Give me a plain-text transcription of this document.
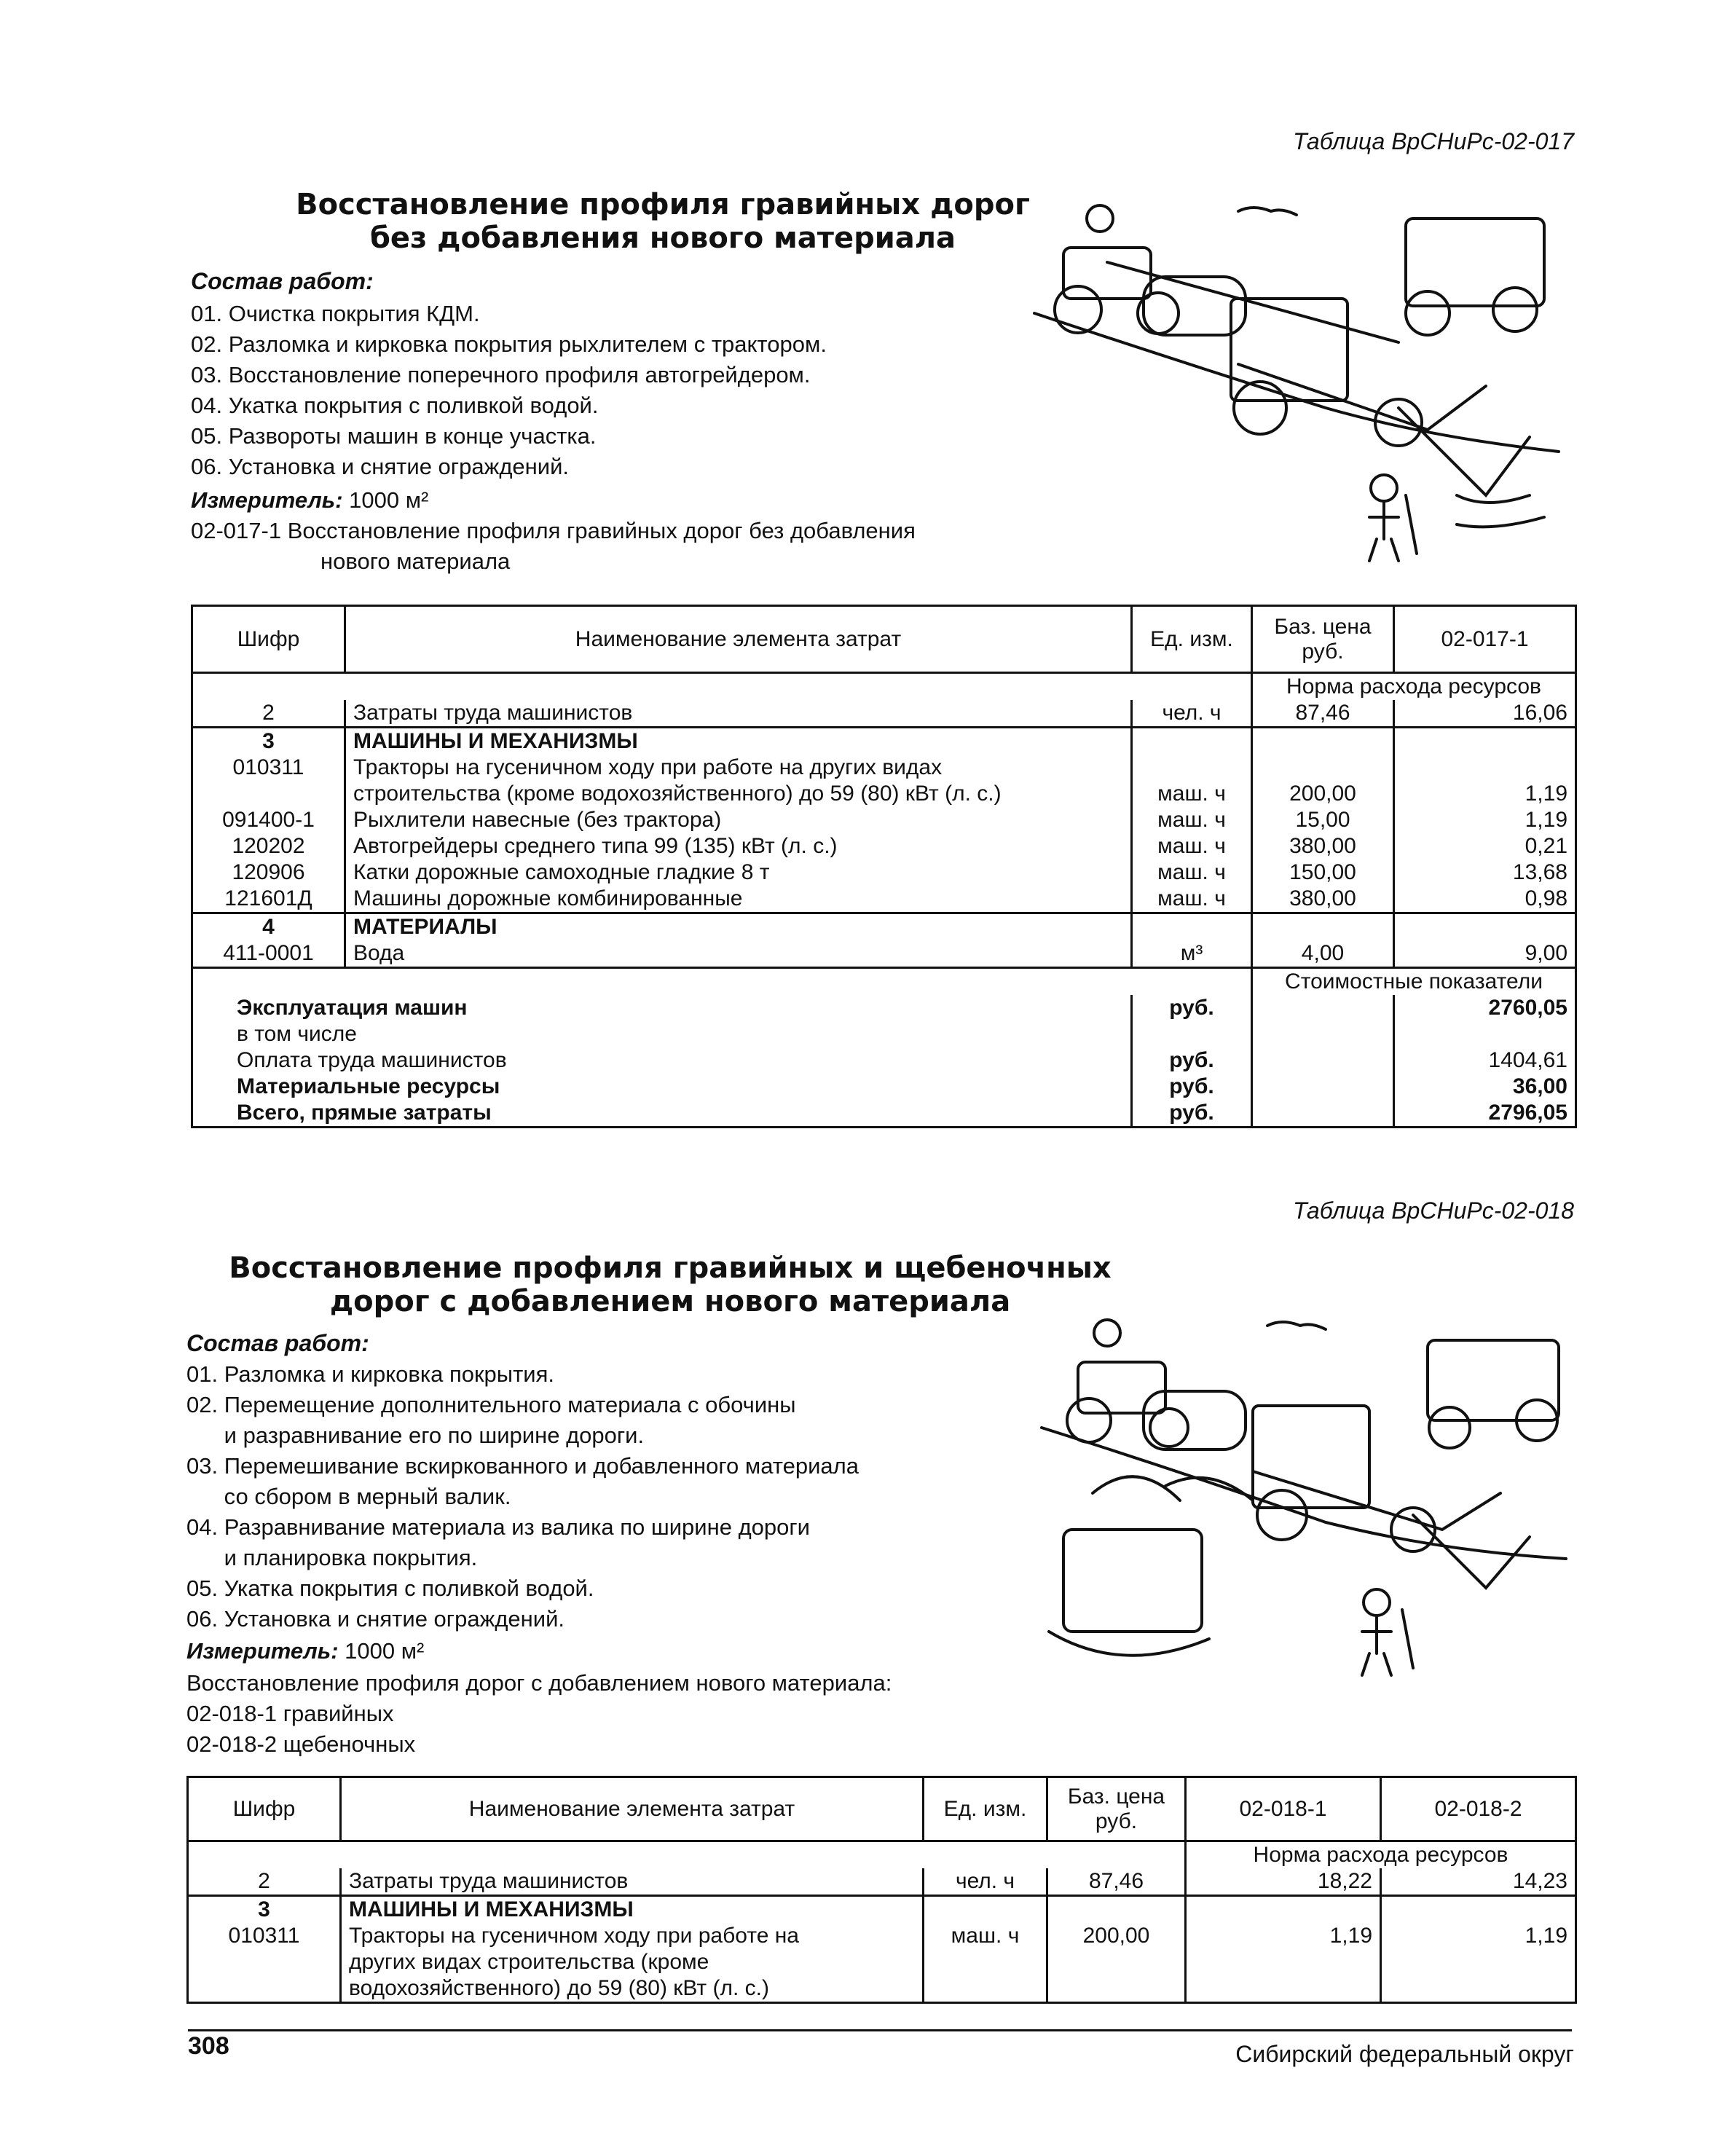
Таблица ВрСНиРс-02-017
Восстановление профиля гравийных дорог
без добавления нового материала
Состав работ:
01. Очистка покрытия КДМ.
02. Разломка и кирковка покрытия рыхлителем с трактором.
03. Восстановление поперечного профиля автогрейдером.
04. Укатка покрытия с поливкой водой.
05. Развороты машин в конце участка.
06. Установка и снятие ограждений.
Измеритель: 1000 м²
02-017-1 Восстановление профиля гравийных дорог без добавления
нового материала
Шифр	Наименование элемента затрат	Ед. изм.	Баз. цена руб.	02-017-1
			Норма расхода ресурсов	
2	Затраты труда машинистов	чел. ч	87,46	16,06
3	МАШИНЫ И МЕХАНИЗМЫ			
010311	Тракторы на гусеничном ходу при работе на других видах			
	строительства (кроме водохозяйственного) до 59 (80) кВт (л. с.)	маш. ч	200,00	1,19
091400-1	Рыхлители навесные (без трактора)	маш. ч	15,00	1,19
120202	Автогрейдеры среднего типа 99 (135) кВт (л. с.)	маш. ч	380,00	0,21
120906	Катки дорожные самоходные гладкие 8 т	маш. ч	150,00	13,68
121601Д	Машины дорожные комбинированные	маш. ч	380,00	0,98
4	МАТЕРИАЛЫ			
411-0001	Вода	м³	4,00	9,00
			Стоимостные показатели	
Эксплуатация машин		руб.		2760,05
в том числе				
Оплата труда машинистов		руб.		1404,61
Материальные ресурсы		руб.		36,00
Всего, прямые затраты		руб.		2796,05
Таблица ВрСНиРс-02-018
Восстановление профиля гравийных и щебеночных
дорог с добавлением нового материала
Состав работ:
01. Разломка и кирковка покрытия.
02. Перемещение дополнительного материала с обочины
и разравнивание его по ширине дороги.
03. Перемешивание вскиркованного и добавленного материала
со сбором в мерный валик.
04. Разравнивание материала из валика по ширине дороги
и планировка покрытия.
05. Укатка покрытия с поливкой водой.
06. Установка и снятие ограждений.
Измеритель: 1000 м²
Восстановление профиля дорог с добавлением нового материала:
02-018-1 гравийных
02-018-2 щебеночных
Шифр	Наименование элемента затрат	Ед. изм.	Баз. цена руб.	02-018-1	02-018-2
				Норма расхода ресурсов	
2	Затраты труда машинистов	чел. ч	87,46	18,22	14,23
3	МАШИНЫ И МЕХАНИЗМЫ				
010311	Тракторы на гусеничном ходу при работе на	маш. ч	200,00	1,19	1,19
	других видах строительства (кроме				
	водохозяйственного) до 59 (80) кВт (л. с.)				
308	Сибирский федеральный округ
